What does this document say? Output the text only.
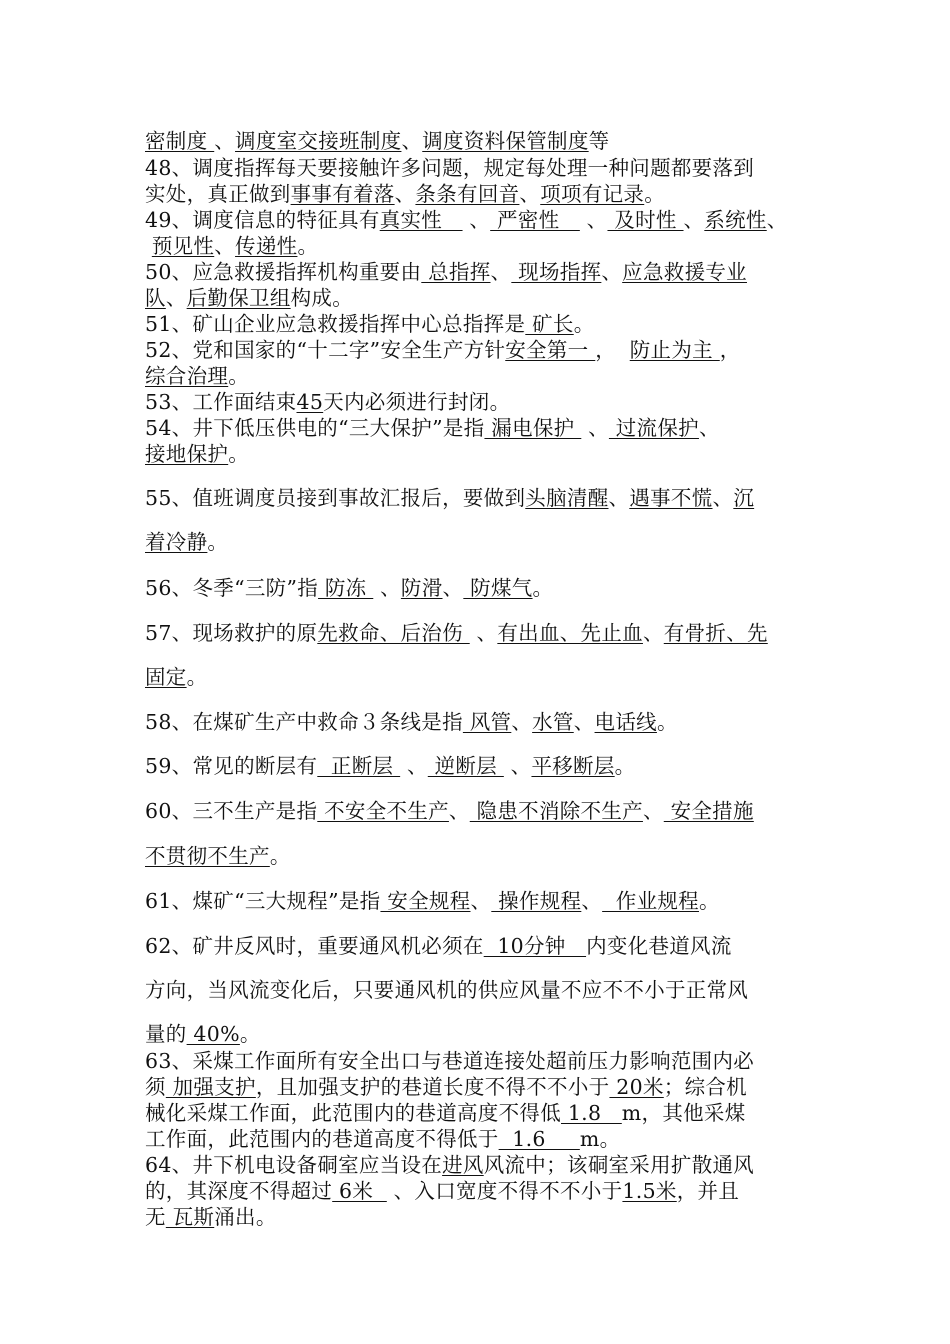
密制度 、调度室交接班制度、调度资料保管制度等
48、调度指挥每天要接触许多问题，规定每处理一种问题都要落到
实处，真正做到事事有着落、条条有回音、项项有记录。
49、调度信息的特征具有真实性    、 严密性    、 及时性 、系统性、
预见性、传递性。
50、应急救援指挥机构重要由 总指挥、 现场指挥、应急救援专业
队、后勤保卫组构成。
51、矿山企业应急救援指挥中心总指挥是 矿长。
52、党和国家的“十二字”安全生产方针安全第一 ，  防止为主 ，
综合治理。
53、工作面结束45天内必须进行封闭。
54、井下低压供电的“三大保护”是指 漏电保护  、 过流保护、
接地保护。
55、值班调度员接到事故汇报后，要做到头脑清醒、遇事不慌、沉
着冷静。
56、冬季“三防”指 防冻  、防滑、 防煤气。
57、现场救护的原先救命、后治伤  、有出血、先止血、有骨折、先
固定。
58、在煤矿生产中救命３条线是指 风管、水管、电话线。
59、常见的断层有  正断层  、 逆断层  、平移断层。
60、三不生产是指 不安全不生产、 隐患不消除不生产、 安全措施
不贯彻不生产。
61、煤矿“三大规程”是指 安全规程、 操作规程、  作业规程。
62、矿井反风时，重要通风机必须在  10分钟   内变化巷道风流
方向，当风流变化后，只要通风机的供应风量不应不不小于正常风
量的 40%。
63、采煤工作面所有安全出口与巷道连接处超前压力影响范围内必
须 加强支护，且加强支护的巷道长度不得不不小于 20米；综合机
械化采煤工作面，此范围内的巷道高度不得低 1.8   m，其他采煤
工作面，此范围内的巷道高度不得低于  1.6     m。
64、井下机电设备硐室应当设在进风风流中；该硐室采用扩散通风
的，其深度不得超过 6米   、入口宽度不得不不小于1.5米，并且
无 瓦斯涌出。
